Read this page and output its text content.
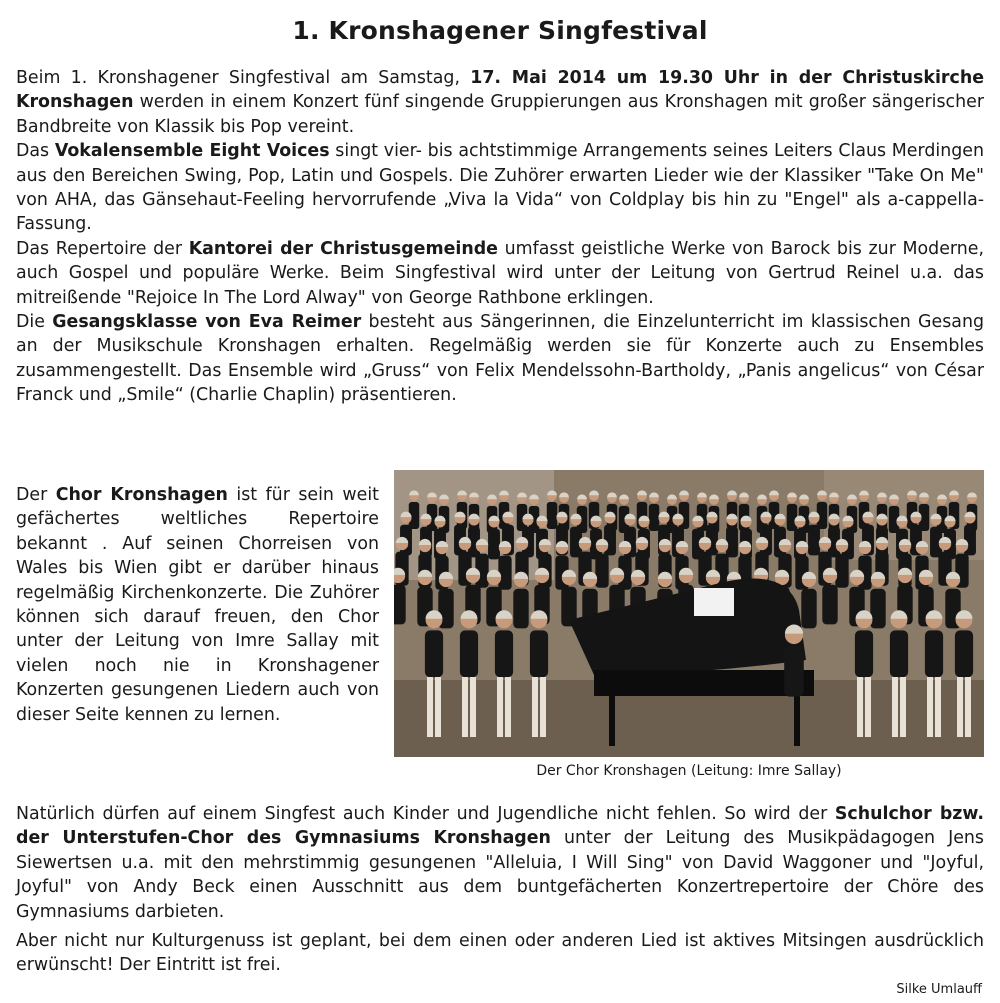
1. Kronshagener Singfestival

Beim 1. Kronshagener Singfestival am Samstag, 17. Mai 2014 um 19.30 Uhr in der Christuskirche Kronshagen werden in einem Konzert fünf singende Gruppierungen aus Kronshagen mit großer sängerischer Bandbreite von Klassik bis Pop vereint.

Das Vokalensemble Eight Voices singt vier- bis achtstimmige Arrangements seines Leiters Claus Merdingen aus den Bereichen Swing, Pop, Latin und Gospels. Die Zuhörer erwarten Lieder wie der Klassiker "Take On Me" von AHA, das Gänsehaut-Feeling hervorrufende „Viva la Vida“ von Coldplay bis hin zu "Engel" als a-cappella-Fassung.

Das Repertoire der Kantorei der Christusgemeinde umfasst geistliche Werke von Barock bis zur Moderne, auch Gospel und populäre Werke. Beim Singfestival wird unter der Leitung von Gertrud Reinel u.a. das mitreißende "Rejoice In The Lord Alway" von George Rathbone erklingen.

Die Gesangsklasse von Eva Reimer besteht aus Sängerinnen, die Einzelunterricht im klassischen Gesang an der Musikschule Kronshagen erhalten. Regelmäßig werden sie für Konzerte auch zu Ensembles zusammengestellt. Das Ensemble wird „Gruss“ von Felix Mendelssohn-Bartholdy, „Panis angelicus“ von César Franck und „Smile“ (Charlie Chaplin) präsentieren.

Der Chor Kronshagen ist für sein weit gefächertes weltliches Repertoire bekannt . Auf seinen Chorreisen von Wales bis Wien gibt er darüber hinaus regelmäßig Kirchenkonzerte. Die Zuhörer können sich darauf freuen, den Chor unter der Leitung von Imre Sallay mit vielen noch nie in Kronshagener Konzerten gesungenen Liedern auch von dieser Seite kennen zu lernen.
Der Chor Kronshagen (Leitung: Imre Sallay)

Natürlich dürfen auf einem Singfest auch Kinder und Jugendliche nicht fehlen. So wird der Schulchor bzw. der Unterstufen-Chor des Gymnasiums Kronshagen unter der Leitung des Musikpädagogen Jens Siewertsen u.a. mit den mehrstimmig gesungenen "Alleluia, I Will Sing" von David Waggoner und "Joyful, Joyful" von Andy Beck einen Ausschnitt aus dem buntgefächerten Konzertrepertoire der Chöre des Gymnasiums darbieten.

Aber nicht nur Kulturgenuss ist geplant, bei dem einen oder anderen Lied ist aktives Mitsingen ausdrücklich erwünscht! Der Eintritt ist frei.

Silke Umlauff
